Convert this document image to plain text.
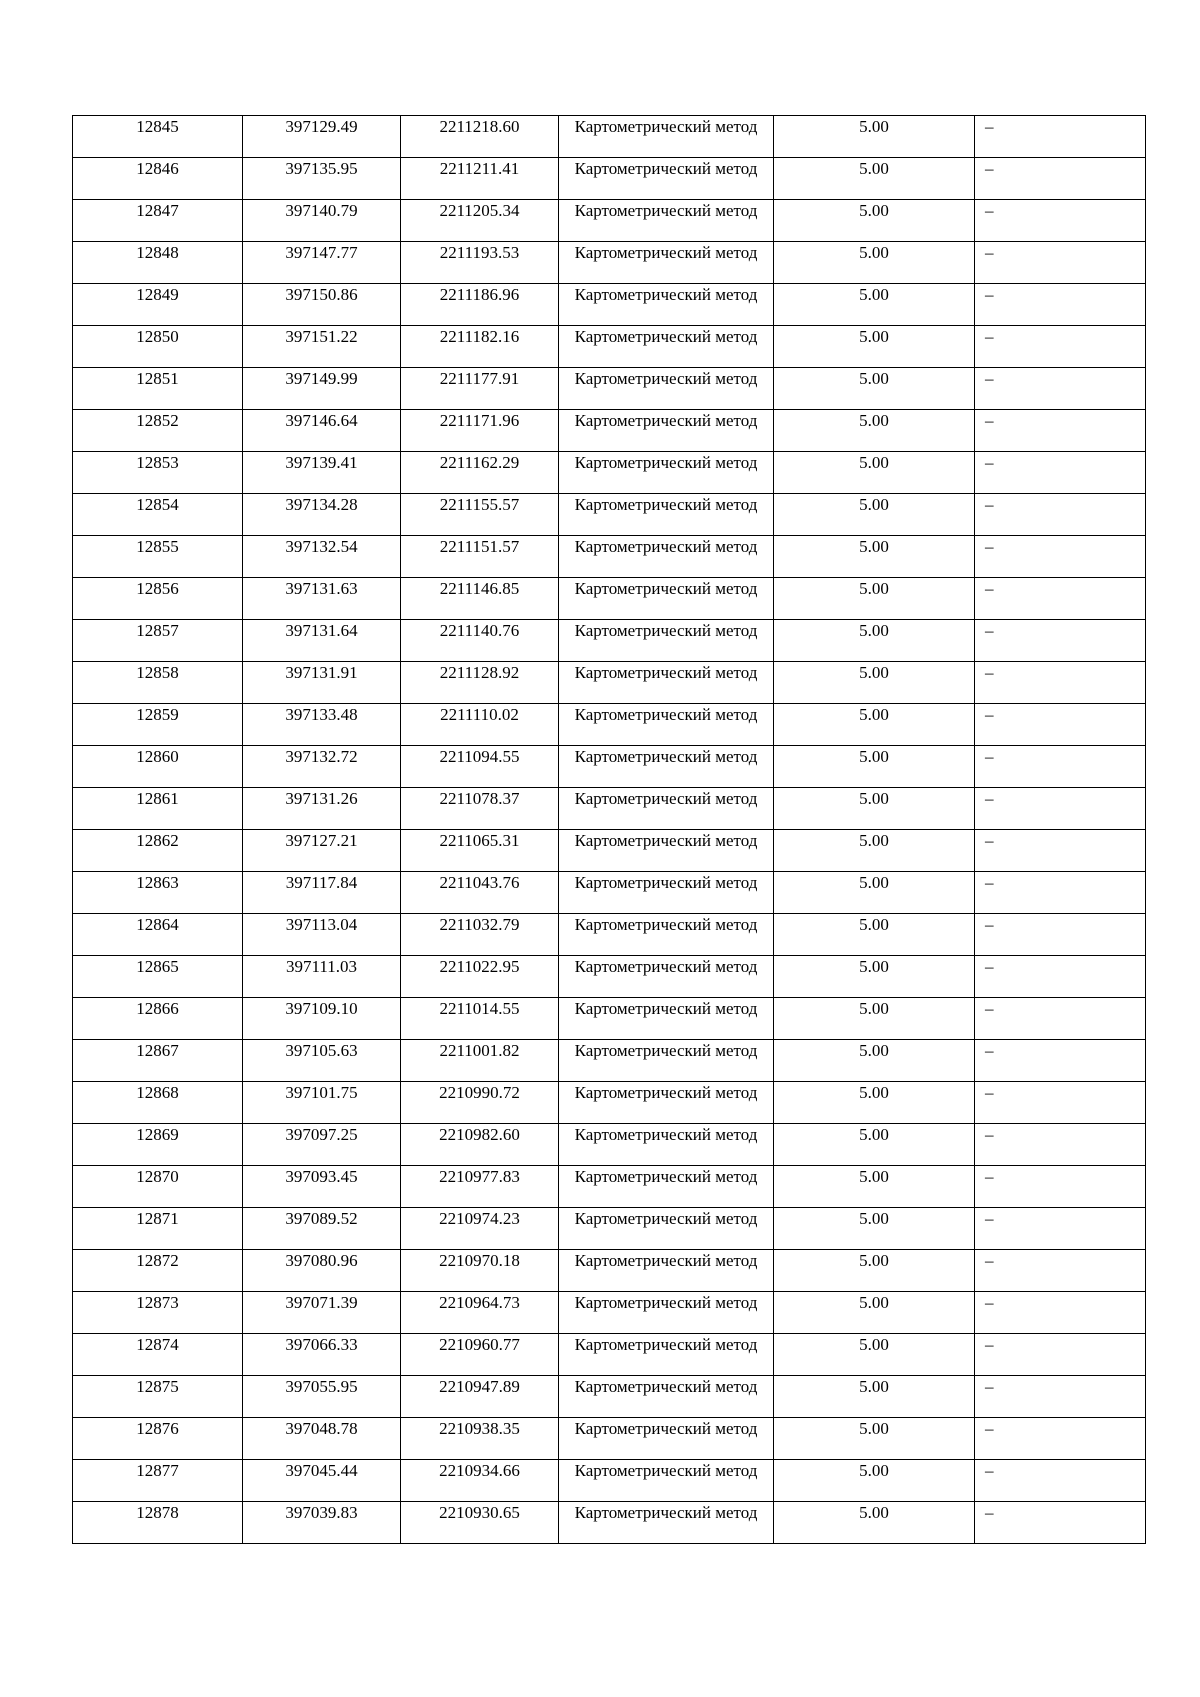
12845	397129.49	2211218.60	Картометрический метод	5.00	–
12846	397135.95	2211211.41	Картометрический метод	5.00	–
12847	397140.79	2211205.34	Картометрический метод	5.00	–
12848	397147.77	2211193.53	Картометрический метод	5.00	–
12849	397150.86	2211186.96	Картометрический метод	5.00	–
12850	397151.22	2211182.16	Картометрический метод	5.00	–
12851	397149.99	2211177.91	Картометрический метод	5.00	–
12852	397146.64	2211171.96	Картометрический метод	5.00	–
12853	397139.41	2211162.29	Картометрический метод	5.00	–
12854	397134.28	2211155.57	Картометрический метод	5.00	–
12855	397132.54	2211151.57	Картометрический метод	5.00	–
12856	397131.63	2211146.85	Картометрический метод	5.00	–
12857	397131.64	2211140.76	Картометрический метод	5.00	–
12858	397131.91	2211128.92	Картометрический метод	5.00	–
12859	397133.48	2211110.02	Картометрический метод	5.00	–
12860	397132.72	2211094.55	Картометрический метод	5.00	–
12861	397131.26	2211078.37	Картометрический метод	5.00	–
12862	397127.21	2211065.31	Картометрический метод	5.00	–
12863	397117.84	2211043.76	Картометрический метод	5.00	–
12864	397113.04	2211032.79	Картометрический метод	5.00	–
12865	397111.03	2211022.95	Картометрический метод	5.00	–
12866	397109.10	2211014.55	Картометрический метод	5.00	–
12867	397105.63	2211001.82	Картометрический метод	5.00	–
12868	397101.75	2210990.72	Картометрический метод	5.00	–
12869	397097.25	2210982.60	Картометрический метод	5.00	–
12870	397093.45	2210977.83	Картометрический метод	5.00	–
12871	397089.52	2210974.23	Картометрический метод	5.00	–
12872	397080.96	2210970.18	Картометрический метод	5.00	–
12873	397071.39	2210964.73	Картометрический метод	5.00	–
12874	397066.33	2210960.77	Картометрический метод	5.00	–
12875	397055.95	2210947.89	Картометрический метод	5.00	–
12876	397048.78	2210938.35	Картометрический метод	5.00	–
12877	397045.44	2210934.66	Картометрический метод	5.00	–
12878	397039.83	2210930.65	Картометрический метод	5.00	–
